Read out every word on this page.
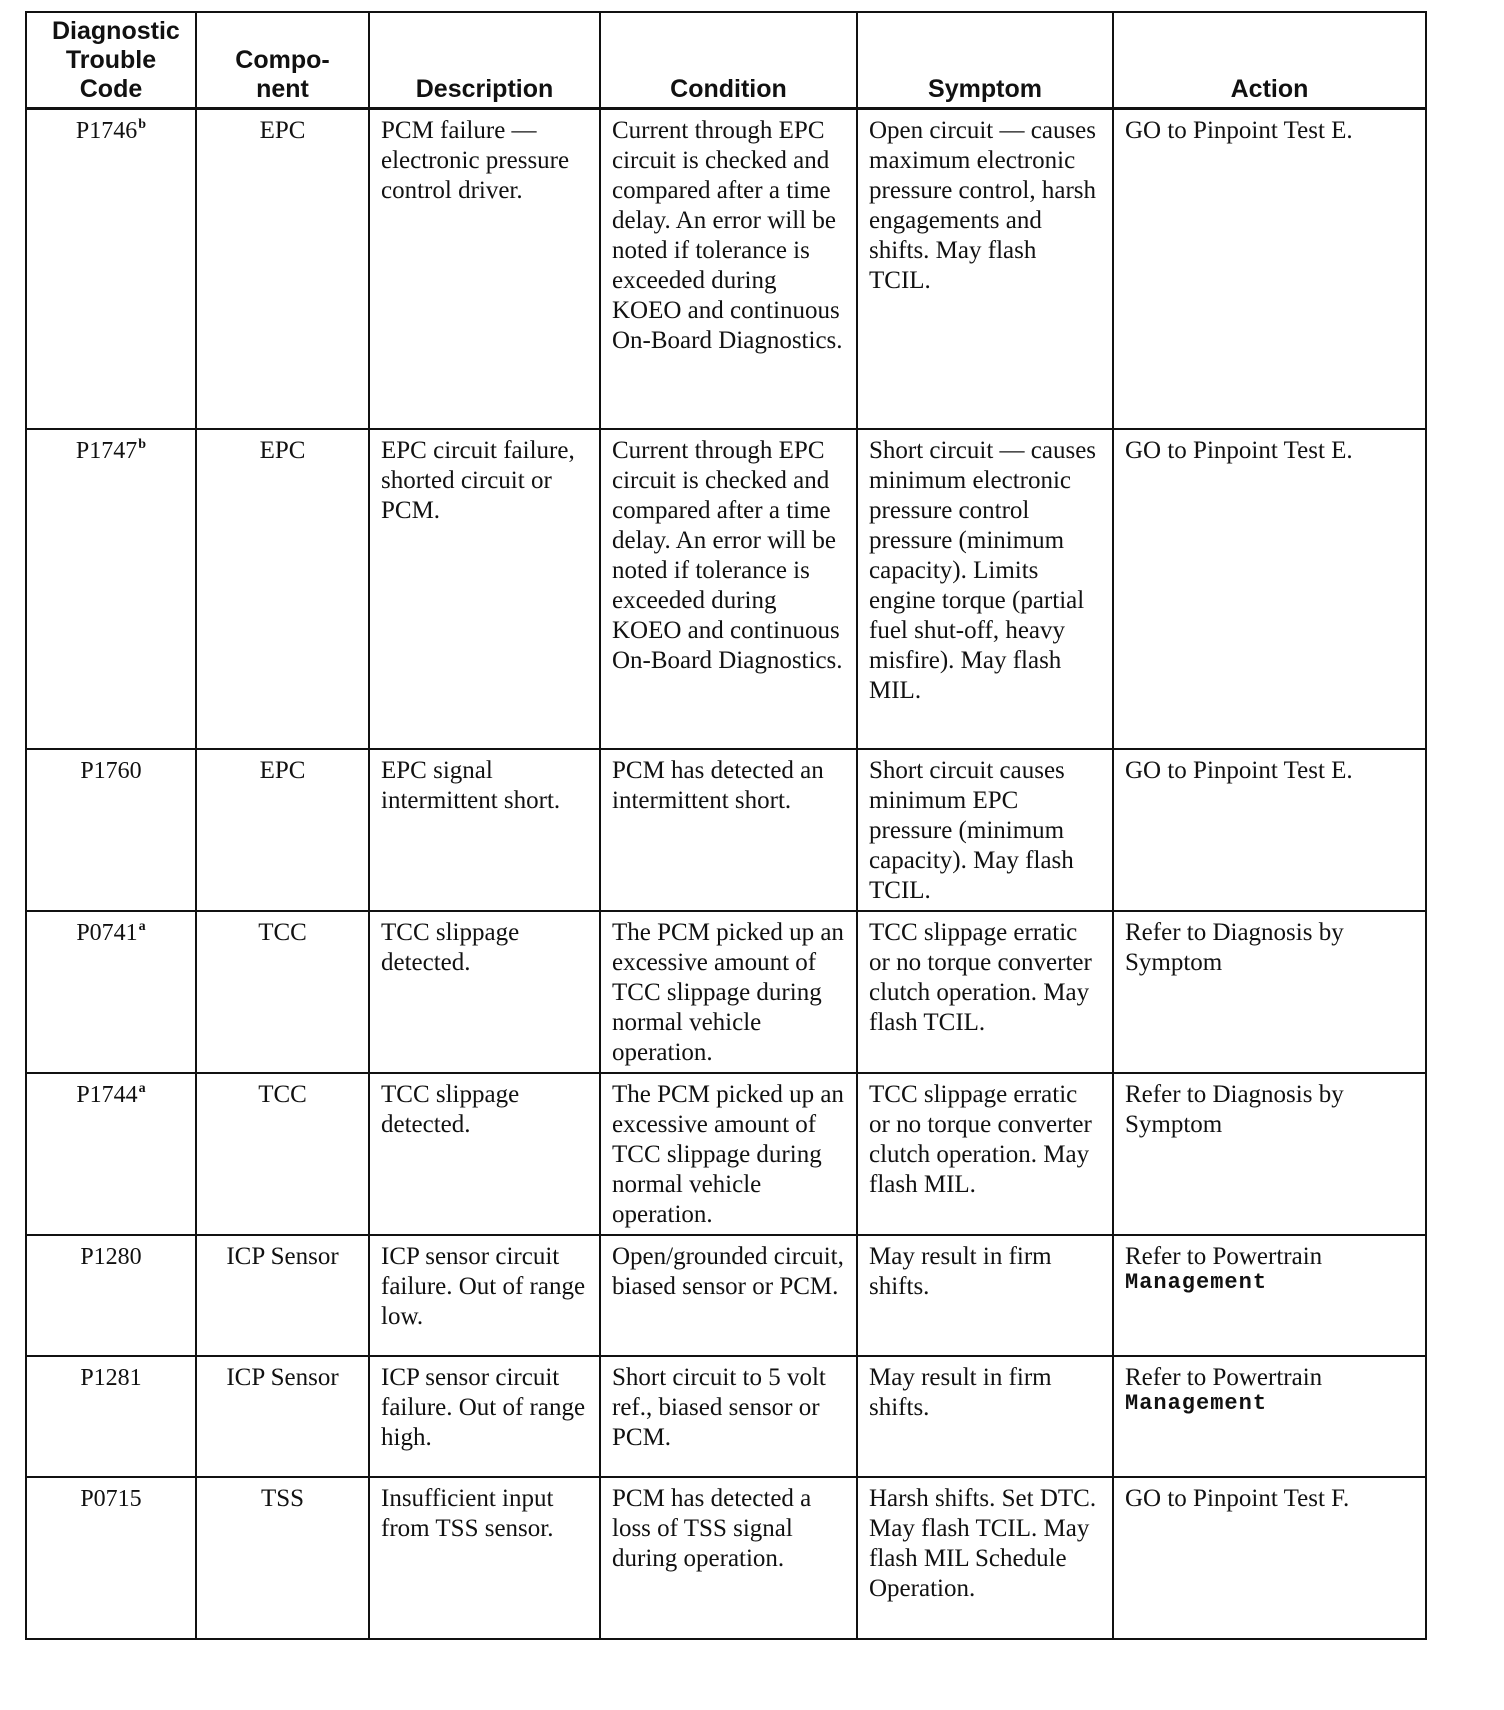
Diagnostic Trouble Code	Compo- nent	Description	Condition	Symptom	Action
P1746$^b$	EPC	PCM failure — electronic pressure control driver.	Current through EPC circuit is checked and compared after a time delay. An error will be noted if tolerance is exceeded during KOEO and continuous On-Board Diagnostics.	Open circuit — causes maximum electronic pressure control, harsh engagements and shifts. May flash TCIL.	GO to Pinpoint Test E.
P1747$^b$	EPC	EPC circuit failure, shorted circuit or PCM.	Current through EPC circuit is checked and compared after a time delay. An error will be noted if tolerance is exceeded during KOEO and continuous On-Board Diagnostics.	Short circuit — causes minimum electronic pressure control pressure (minimum capacity). Limits engine torque (partial fuel shut-off, heavy misfire). May flash MIL.	GO to Pinpoint Test E.
P1760	EPC	EPC signal intermittent short.	PCM has detected an intermittent short.	Short circuit causes minimum EPC pressure (minimum capacity). May flash TCIL.	GO to Pinpoint Test E.
P0741$^a$	TCC	TCC slippage detected.	The PCM picked up an excessive amount of TCC slippage during normal vehicle operation.	TCC slippage erratic or no torque converter clutch operation. May flash TCIL.	Refer to Diagnosis by Symptom
P1744$^a$	TCC	TCC slippage detected.	The PCM picked up an excessive amount of TCC slippage during normal vehicle operation.	TCC slippage erratic or no torque converter clutch operation. May flash MIL.	Refer to Diagnosis by Symptom
P1280	ICP Sensor	ICP sensor circuit failure. Out of range low.	Open/grounded circuit, biased sensor or PCM.	May result in firm shifts.	Refer to Powertrain
Management

P1281	ICP Sensor	ICP sensor circuit failure. Out of range high.	Short circuit to 5 volt ref., biased sensor or PCM.	May result in firm shifts.	Refer to Powertrain
Management

P0715	TSS	Insufficient input from TSS sensor.	PCM has detected a loss of TSS signal during operation.	Harsh shifts. Set DTC. May flash TCIL. May flash MIL Schedule Operation.	GO to Pinpoint Test F.
